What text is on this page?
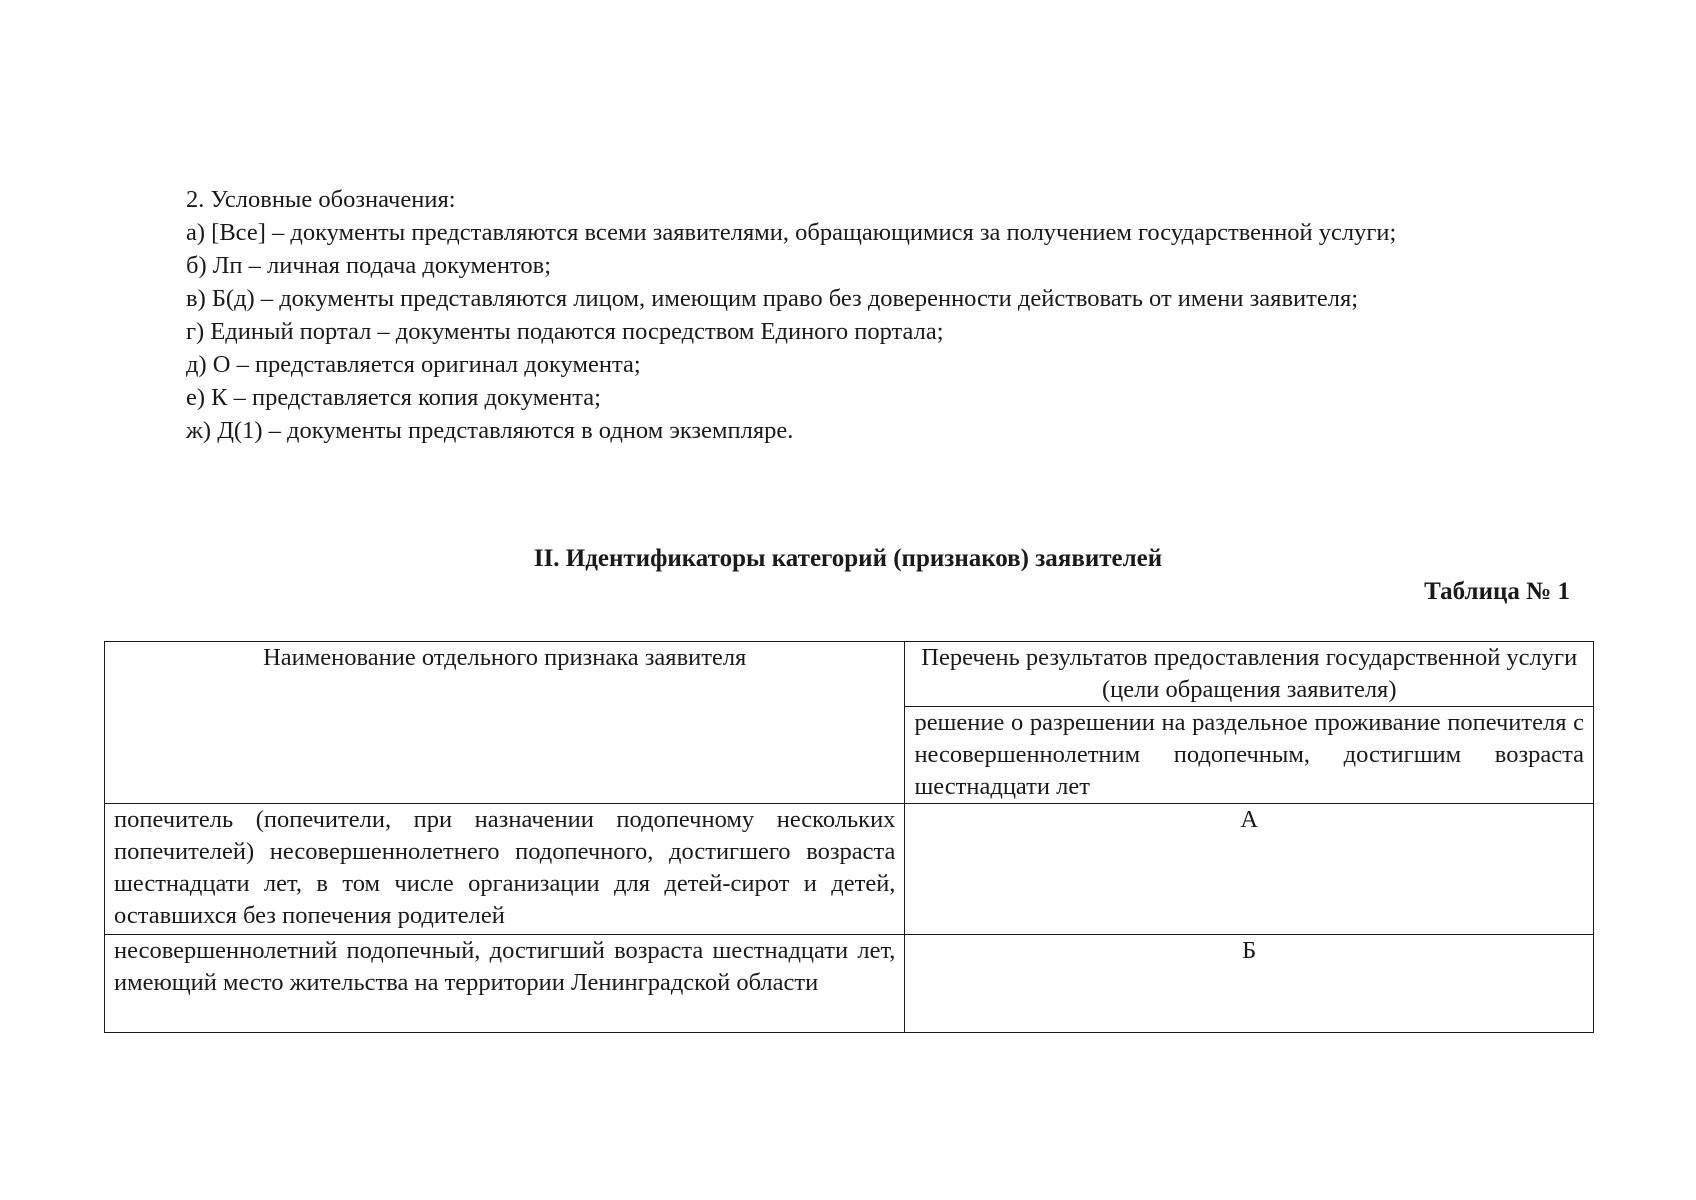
2. Условные обозначения:

а) [Все] – документы представляются всеми заявителями, обращающимися за получением государственной услуги;

б) Лп – личная подача документов;

в) Б(д) – документы представляются лицом, имеющим право без доверенности действовать от имени заявителя;

г) Единый портал – документы подаются посредством Единого портала;

д) О – представляется оригинал документа;

е) К – представляется копия документа;

ж) Д(1) – документы представляются в одном экземпляре.

II. Идентификаторы категорий (признаков) заявителей
Таблица № 1
Наименование отдельного признака заявителя	Перечень результатов предоставления государственной услуги (цели обращения заявителя)
	решение о разрешении на раздельное проживание попечителя с несовершеннолетним подопечным, достигшим возраста шестнадцати лет
попечитель (попечители, при назначении подопечному нескольких попечителей) несовершеннолетнего подопечного, достигшего возраста шестнадцати лет, в том числе организации для детей-сирот и детей, оставшихся без попечения родителей	А
несовершеннолетний подопечный, достигший возраста шестнадцати лет, имеющий место жительства на территории Ленинградской области	Б
